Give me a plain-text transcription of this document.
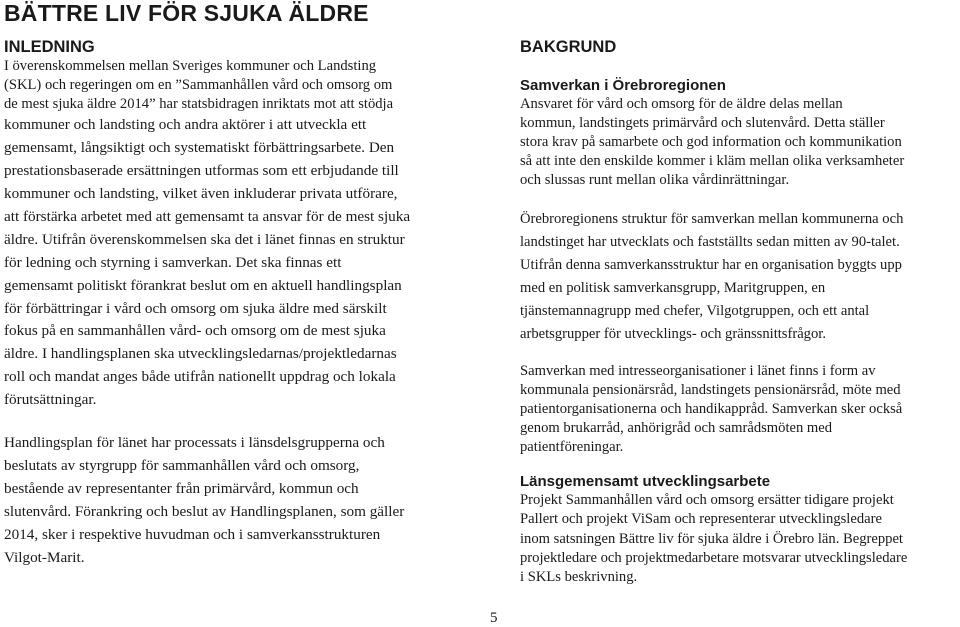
BÄTTRE LIV FÖR SJUKA ÄLDRE
INLEDNING
I överenskommelsen mellan Sveriges kommuner och Landsting
(SKL) och regeringen om en ”Sammanhållen vård och omsorg om
de mest sjuka äldre 2014” har statsbidragen inriktats mot att stödja
kommuner och landsting och andra aktörer i att utveckla ett
gemensamt, långsiktigt och systematiskt förbättringsarbete. Den
prestationsbaserade ersättningen utformas som ett erbjudande till
kommuner och landsting, vilket även inkluderar privata utförare,
att förstärka arbetet med att gemensamt ta ansvar för de mest sjuka
äldre. Utifrån överenskommelsen ska det i länet finnas en struktur
för ledning och styrning i samverkan. Det ska finnas ett
gemensamt politiskt förankrat beslut om en aktuell handlingsplan
för förbättringar i vård och omsorg om sjuka äldre med särskilt
fokus på en sammanhållen vård- och omsorg om de mest sjuka
äldre. I handlingsplanen ska utvecklingsledarnas/projektledarnas
roll och mandat anges både utifrån nationellt uppdrag och lokala
förutsättningar.
Handlingsplan för länet har processats i länsdelsgrupperna och
beslutats av styrgrupp för sammanhållen vård och omsorg,
bestående av representanter från primärvård, kommun och
slutenvård. Förankring och beslut av Handlingsplanen, som gäller
2014, sker i respektive huvudman och i samverkansstrukturen
Vilgot-Marit.
BAKGRUND
Samverkan i Örebroregionen
Ansvaret för vård och omsorg för de äldre delas mellan
kommun, landstingets primärvård och slutenvård. Detta ställer
stora krav på samarbete och god information och kommunikation
så att inte den enskilde kommer i kläm mellan olika verksamheter
och slussas runt mellan olika vårdinrättningar.
Örebroregionens struktur för samverkan mellan kommunerna och
landstinget har utvecklats och fastställts sedan mitten av 90-talet.
Utifrån denna samverkansstruktur har en organisation byggts upp
med en politisk samverkansgrupp, Maritgruppen, en
tjänstemannagrupp med chefer, Vilgotgruppen, och ett antal
arbetsgrupper för utvecklings- och gränssnittsfrågor.
Samverkan med intresseorganisationer i länet finns i form av
kommunala pensionärsråd, landstingets pensionärsråd, möte med
patientorganisationerna och handikappråd. Samverkan sker också
genom brukarråd, anhörigråd och samrådsmöten med
patientföreningar.
Länsgemensamt utvecklingsarbete
Projekt Sammanhållen vård och omsorg ersätter tidigare projekt
Pallert och projekt ViSam och representerar utvecklingsledare
inom satsningen Bättre liv för sjuka äldre i Örebro län. Begreppet
projektledare och projektmedarbetare motsvarar utvecklingsledare
i SKLs beskrivning.

5
